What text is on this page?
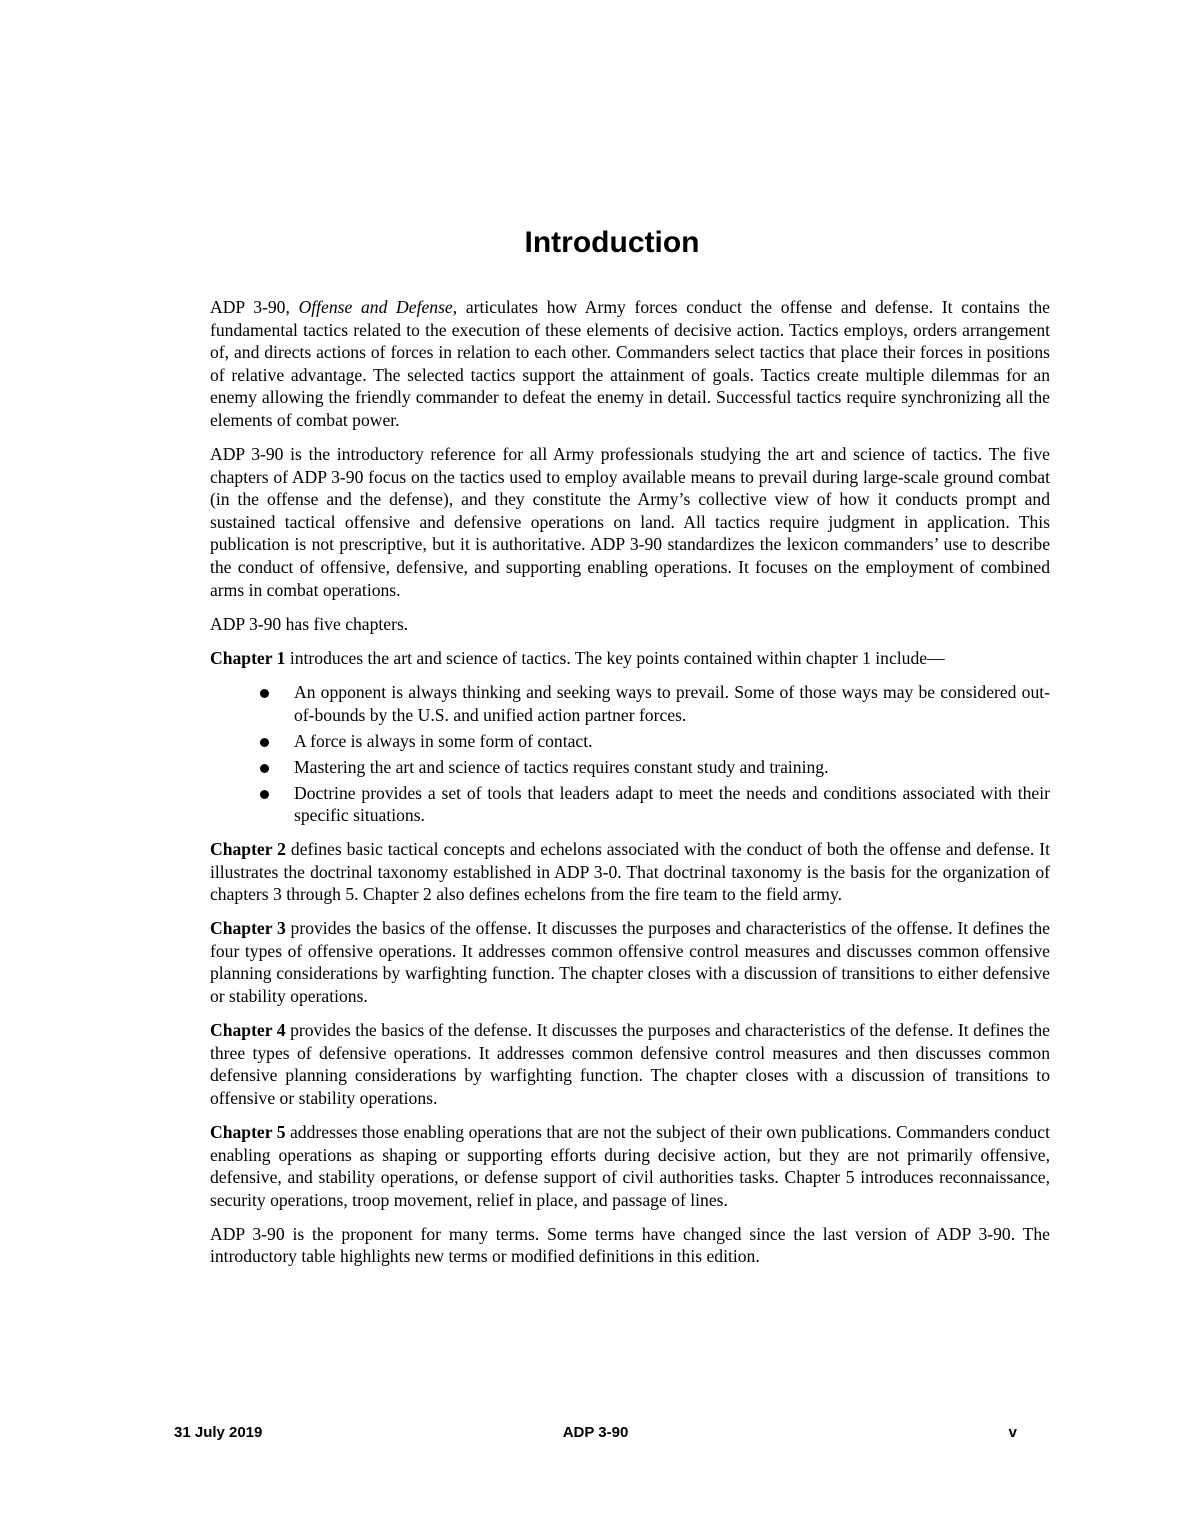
Introduction

ADP 3-90, Offense and Defense, articulates how Army forces conduct the offense and defense. It contains the fundamental tactics related to the execution of these elements of decisive action. Tactics employs, orders arrangement of, and directs actions of forces in relation to each other. Commanders select tactics that place their forces in positions of relative advantage. The selected tactics support the attainment of goals. Tactics create multiple dilemmas for an enemy allowing the friendly commander to defeat the enemy in detail. Successful tactics require synchronizing all the elements of combat power.

ADP 3-90 is the introductory reference for all Army professionals studying the art and science of tactics. The five chapters of ADP 3-90 focus on the tactics used to employ available means to prevail during large-scale ground combat (in the offense and the defense), and they constitute the Army’s collective view of how it conducts prompt and sustained tactical offensive and defensive operations on land. All tactics require judgment in application. This publication is not prescriptive, but it is authoritative. ADP 3-90 standardizes the lexicon commanders’ use to describe the conduct of offensive, defensive, and supporting enabling operations. It focuses on the employment of combined arms in combat operations.

ADP 3-90 has five chapters.

Chapter 1 introduces the art and science of tactics. The key points contained within chapter 1 include—

An opponent is always thinking and seeking ways to prevail. Some of those ways may be considered out-of-bounds by the U.S. and unified action partner forces.
A force is always in some form of contact.
Mastering the art and science of tactics requires constant study and training.
Doctrine provides a set of tools that leaders adapt to meet the needs and conditions associated with their specific situations.

Chapter 2 defines basic tactical concepts and echelons associated with the conduct of both the offense and defense. It illustrates the doctrinal taxonomy established in ADP 3-0. That doctrinal taxonomy is the basis for the organization of chapters 3 through 5. Chapter 2 also defines echelons from the fire team to the field army.

Chapter 3 provides the basics of the offense. It discusses the purposes and characteristics of the offense. It defines the four types of offensive operations. It addresses common offensive control measures and discusses common offensive planning considerations by warfighting function. The chapter closes with a discussion of transitions to either defensive or stability operations.

Chapter 4 provides the basics of the defense. It discusses the purposes and characteristics of the defense. It defines the three types of defensive operations. It addresses common defensive control measures and then discusses common defensive planning considerations by warfighting function. The chapter closes with a discussion of transitions to offensive or stability operations.

Chapter 5 addresses those enabling operations that are not the subject of their own publications. Commanders conduct enabling operations as shaping or supporting efforts during decisive action, but they are not primarily offensive, defensive, and stability operations, or defense support of civil authorities tasks. Chapter 5 introduces reconnaissance, security operations, troop movement, relief in place, and passage of lines.

ADP 3-90 is the proponent for many terms. Some terms have changed since the last version of ADP 3-90. The introductory table highlights new terms or modified definitions in this edition.

31 July 2019	ADP 3-90	v
